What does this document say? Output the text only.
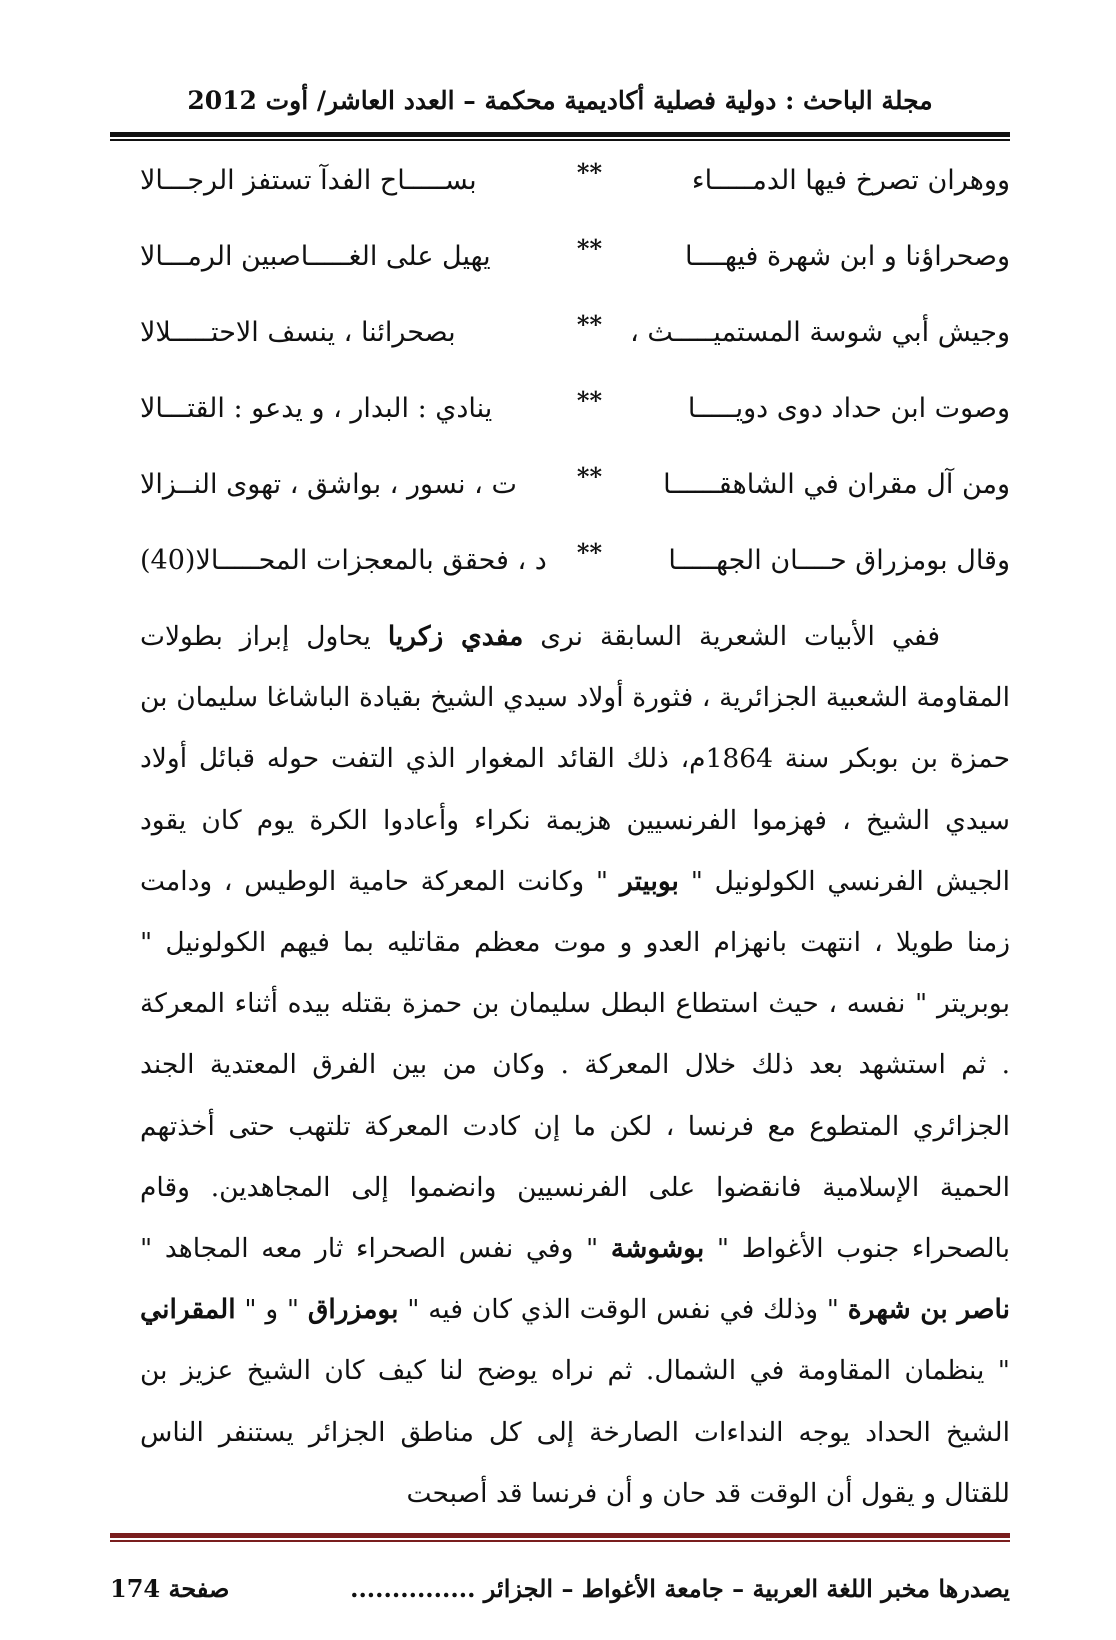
مجلة الباحث : دولية فصلية أكاديمية محكمة – العدد العاشر/ أوت 2012
ووهران تصرخ فيها الدمـــــاء
**
بســـــاح الفدآ تستفز الرجـــالا
وصحراؤنا و ابن شهرة فيهــــا
**
يهيل على الغـــــاصبين الرمـــالا
وجيش أبي شوسة المستميـــــث ،
**
بصحرائنا ، ينسف الاحتـــــلالا
وصوت ابن حداد دوى دويـــــا
**
ينادي : البدار ، و يدعو : القتـــالا
ومن آل مقران في الشاهقــــــا
**
ت ، نسور ، بواشق ، تهوى النــزالا
وقال بومزراق حــــان الجهـــــا
**
د ، فحقق بالمعجزات المحـــــالا(40)

ففي الأبيات الشعرية السابقة نرى مفدي زكريا يحاول إبراز بطولات المقاومة الشعبية الجزائرية ، فثورة أولاد سيدي الشيخ بقيادة الباشاغا سليمان بن حمزة بن بوبكر سنة 1864م، ذلك القائد المغوار الذي التفت حوله قبائل أولاد سيدي الشيخ ، فهزموا الفرنسيين هزيمة نكراء وأعادوا الكرة يوم كان يقود الجيش الفرنسي الكولونيل " بوبيتر " وكانت المعركة حامية الوطيس ، ودامت زمنا طويلا ، انتهت بانهزام العدو و موت معظم مقاتليه بما فيهم الكولونيل " بوبريتر " نفسه ، حيث استطاع البطل سليمان بن حمزة بقتله بيده أثناء المعركة . ثم استشهد بعد ذلك خلال المعركة . وكان من بين الفرق المعتدية الجند الجزائري المتطوع مع فرنسا ، لكن ما إن كادت المعركة تلتهب حتى أخذتهم الحمية الإسلامية فانقضوا على الفرنسيين وانضموا إلى المجاهدين. وقام بالصحراء جنوب الأغواط " بوشوشة " وفي نفس الصحراء ثار معه المجاهد " ناصر بن شهرة " وذلك في نفس الوقت الذي كان فيه " بومزراق " و " المقراني " ينظمان المقاومة في الشمال. ثم نراه يوضح لنا كيف كان الشيخ عزيز بن الشيخ الحداد يوجه النداءات الصارخة إلى كل مناطق الجزائر يستنفر الناس للقتال و يقول أن الوقت قد حان و أن فرنسا قد أصبحت

يصدرها مخبر اللغة العربية – جامعة الأغواط – الجزائر ...............
صفحة 174
